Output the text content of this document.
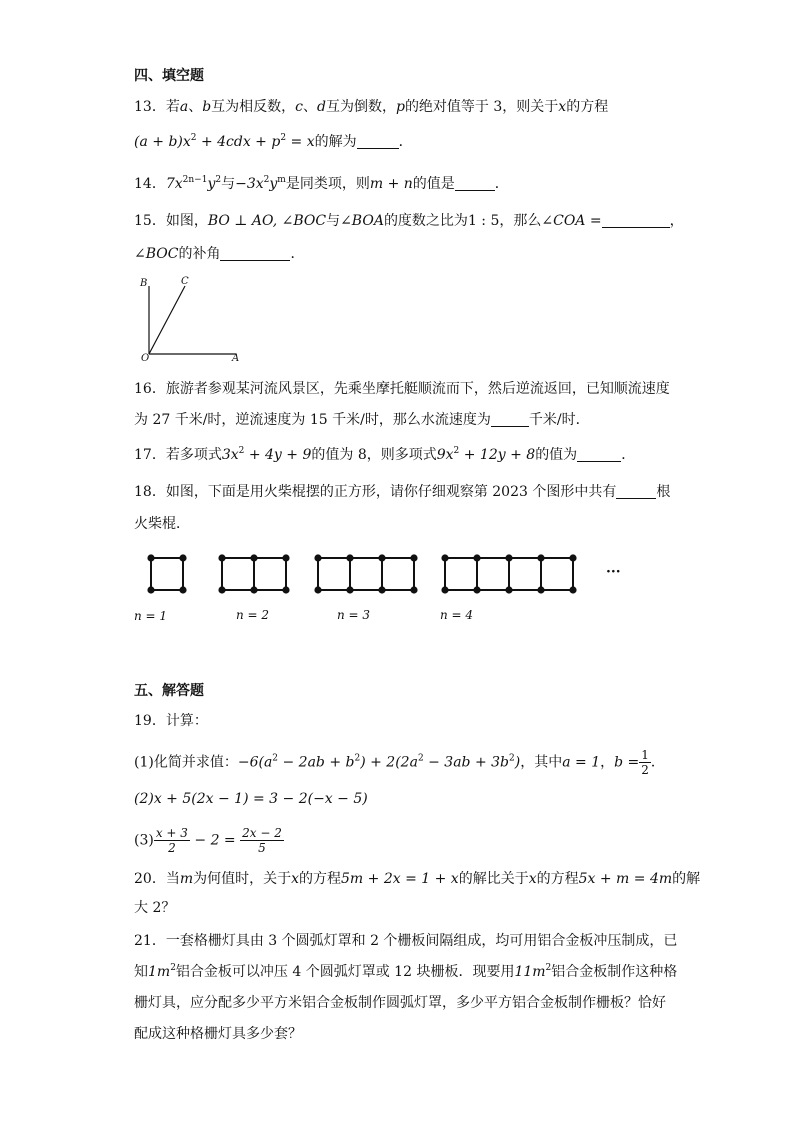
四、填空题
13．若a、b互为相反数，c、d互为倒数，p的绝对值等于 3，则关于x的方程
$(a + b)x^2 + 4cdx + p^2 = x$的解为	．
14．$7x^{2n-1}y^2$与$-3x^2y^m$是同类项，则m + n的值是	．
15．如图，BO ⊥ AO, ∠BOC与∠BOA的度数之比为1 : 5，那么∠COA =	，
∠BOC的补角	．
B	C
O	A
16．旅游者参观某河流风景区，先乘坐摩托艇顺流而下，然后逆流返回，已知顺流速度
为 27 千米/时，逆流速度为 15 千米/时，那么水流速度为	千米/时．
17．若多项式$3x^2 + 4y + 9$的值为 8，则多项式$9x^2 + 12y + 8$的值为	．
18．如图，下面是用火柴棍摆的正方形，请你仔细观察第 2023 个图形中共有	根
火柴棍．
···
n = 1	n = 2	n = 3	n = 4
五、解答题
19．计算：
(1)化简并求值：$-6(a^2 - 2ab + b^2) + 2(2a^2 - 3ab + 3b^2)$，其中a = 1，$b = \frac{1}{2}$ ．
(2)x + 5(2x − 1) = 3 − 2(−x − 5)
$(3) \frac{x + 3}{2} - 2 = \frac{2x - 2}{5}$
20．当m为何值时，关于x的方程5m + 2x = 1 + x的解比关于x的方程5x + m = 4m的解
大 2？
21．一套格栅灯具由 3 个圆弧灯罩和 2 个栅板间隔组成，均可用铝合金板冲压制成，已
知$1m^2$铝合金板可以冲压 4 个圆弧灯罩或 12 块栅板．现要用$11m^2$铝合金板制作这种格
栅灯具，应分配多少平方米铝合金板制作圆弧灯罩，多少平方铝合金板制作栅板？恰好
配成这种格栅灯具多少套？
